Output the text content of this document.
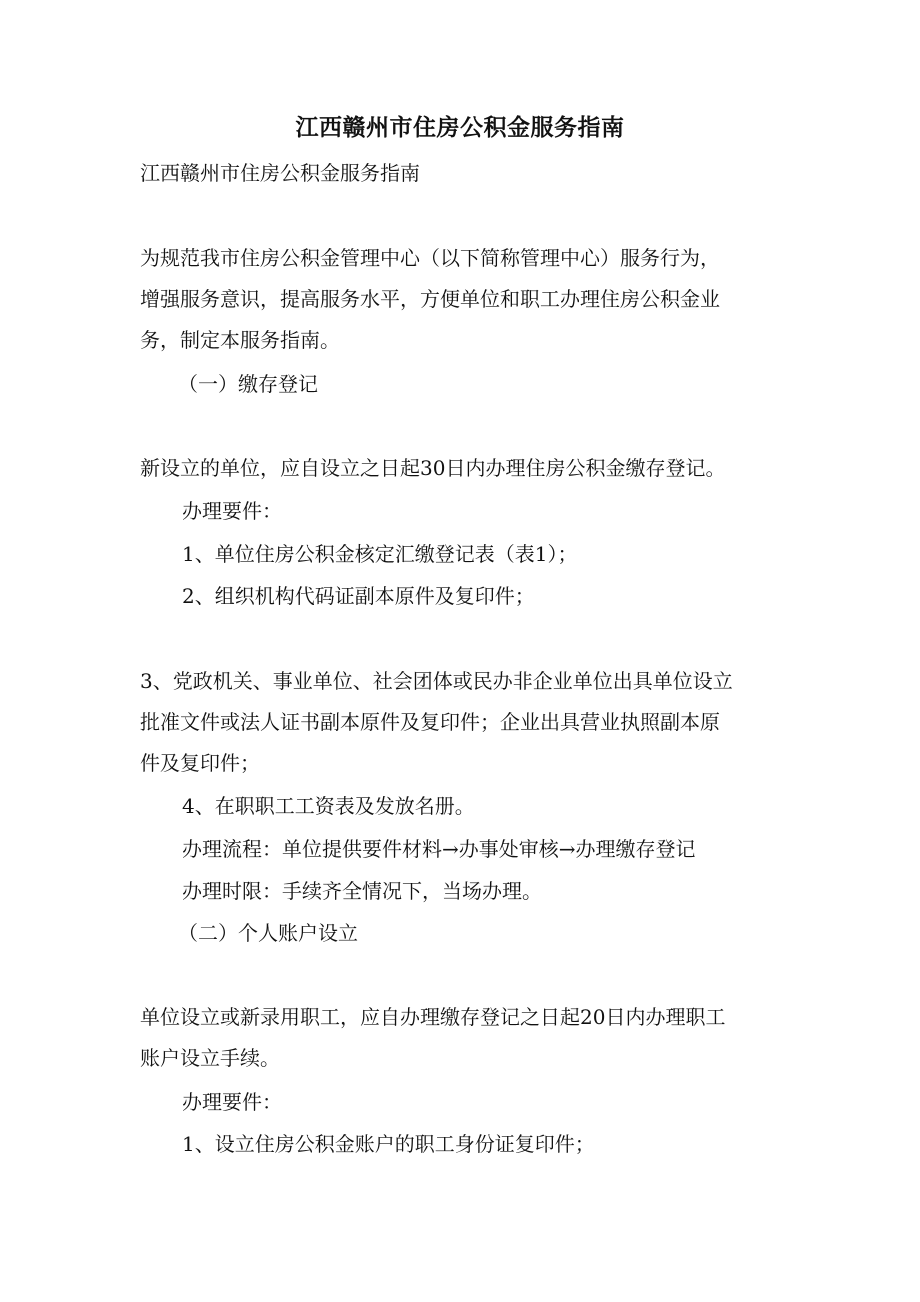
江西赣州市住房公积金服务指南
江西赣州市住房公积金服务指南
为规范我市住房公积金管理中心（以下简称管理中心）服务行为，
增强服务意识，提高服务水平，方便单位和职工办理住房公积金业
务，制定本服务指南。
（一）缴存登记
新设立的单位，应自设立之日起30日内办理住房公积金缴存登记。
办理要件：
1、单位住房公积金核定汇缴登记表（表1）；
2、组织机构代码证副本原件及复印件；
3、党政机关、事业单位、社会团体或民办非企业单位出具单位设立
批准文件或法人证书副本原件及复印件；企业出具营业执照副本原
件及复印件；
4、在职职工工资表及发放名册。
办理流程：单位提供要件材料→办事处审核→办理缴存登记
办理时限：手续齐全情况下，当场办理。
（二）个人账户设立
单位设立或新录用职工，应自办理缴存登记之日起20日内办理职工
账户设立手续。
办理要件：
1、设立住房公积金账户的职工身份证复印件；
